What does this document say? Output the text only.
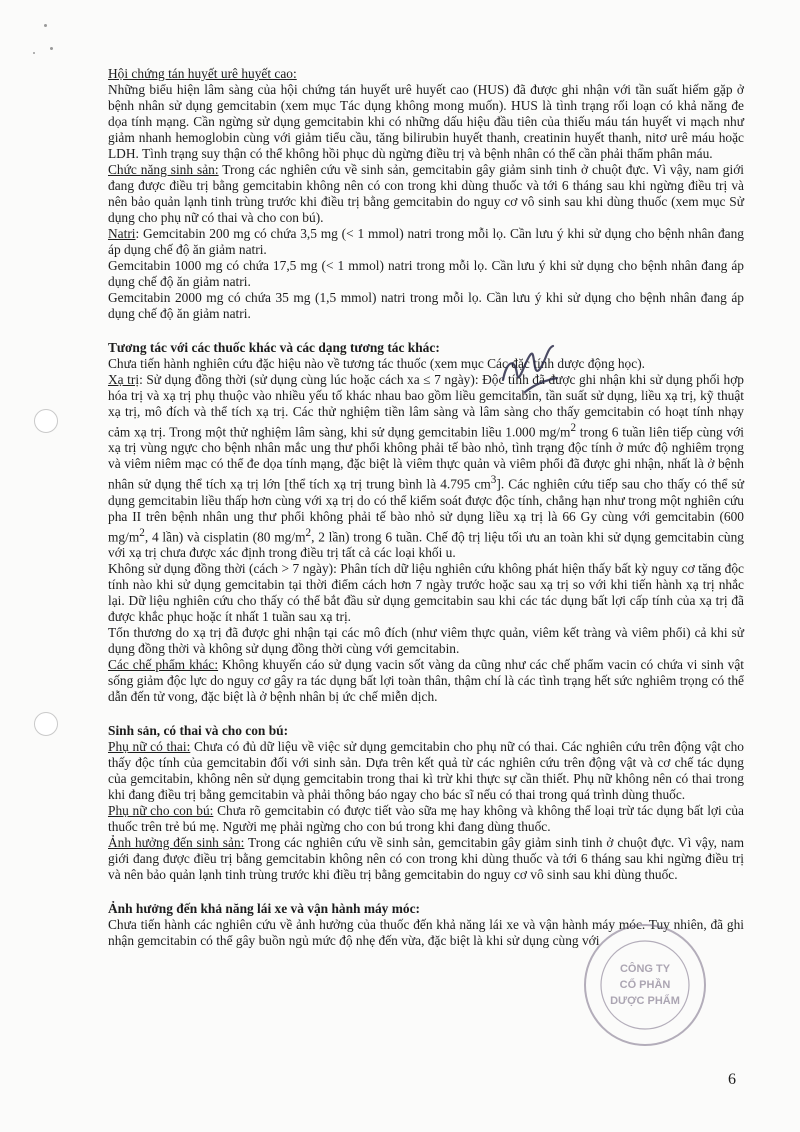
Hội chứng tán huyết urê huyết cao:

Những biểu hiện lâm sàng của hội chứng tán huyết urê huyết cao (HUS) đã được ghi nhận với tần suất hiếm gặp ở bệnh nhân sử dụng gemcitabin (xem mục Tác dụng không mong muốn). HUS là tình trạng rối loạn có khả năng đe dọa tính mạng. Cần ngừng sử dụng gemcitabin khi có những dấu hiệu đầu tiên của thiếu máu tán huyết vi mạch như giảm nhanh hemoglobin cùng với giảm tiểu cầu, tăng bilirubin huyết thanh, creatinin huyết thanh, nitơ urê máu hoặc LDH. Tình trạng suy thận có thể không hồi phục dù ngừng điều trị và bệnh nhân có thể cần phải thẩm phân máu.

Chức năng sinh sản: Trong các nghiên cứu về sinh sản, gemcitabin gây giảm sinh tinh ở chuột đực. Vì vậy, nam giới đang được điều trị bằng gemcitabin không nên có con trong khi dùng thuốc và tới 6 tháng sau khi ngừng điều trị và nên bảo quản lạnh tinh trùng trước khi điều trị bằng gemcitabin do nguy cơ vô sinh sau khi dùng thuốc (xem mục Sử dụng cho phụ nữ có thai và cho con bú).

Natri: Gemcitabin 200 mg có chứa 3,5 mg (< 1 mmol) natri trong mỗi lọ. Cần lưu ý khi sử dụng cho bệnh nhân đang áp dụng chế độ ăn giảm natri.

Gemcitabin 1000 mg có chứa 17,5 mg (< 1 mmol) natri trong mỗi lọ. Cần lưu ý khi sử dụng cho bệnh nhân đang áp dụng chế độ ăn giảm natri.

Gemcitabin 2000 mg có chứa 35 mg (1,5 mmol) natri trong mỗi lọ. Cần lưu ý khi sử dụng cho bệnh nhân đang áp dụng chế độ ăn giảm natri.

Tương tác với các thuốc khác và các dạng tương tác khác:

Chưa tiến hành nghiên cứu đặc hiệu nào về tương tác thuốc (xem mục Các đặc tính dược động học).

Xạ trị: Sử dụng đồng thời (sử dụng cùng lúc hoặc cách xa ≤ 7 ngày): Độc tính đã được ghi nhận khi sử dụng phối hợp hóa trị và xạ trị phụ thuộc vào nhiều yếu tố khác nhau bao gồm liều gemcitabin, tần suất sử dụng, liều xạ trị, kỹ thuật xạ trị, mô đích và thể tích xạ trị. Các thử nghiệm tiền lâm sàng và lâm sàng cho thấy gemcitabin có hoạt tính nhạy cảm xạ trị. Trong một thử nghiệm lâm sàng, khi sử dụng gemcitabin liều 1.000 $mg/m^2$ trong 6 tuần liên tiếp cùng với xạ trị vùng ngực cho bệnh nhân mắc ung thư phổi không phải tế bào nhỏ, tình trạng độc tính ở mức độ nghiêm trọng và viêm niêm mạc có thể đe dọa tính mạng, đặc biệt là viêm thực quản và viêm phổi đã được ghi nhận, nhất là ở bệnh nhân sử dụng thể tích xạ trị lớn [thể tích xạ trị trung bình là 4.795 $cm^3$]. Các nghiên cứu tiếp sau cho thấy có thể sử dụng gemcitabin liều thấp hơn cùng với xạ trị do có thể kiểm soát được độc tính, chẳng hạn như trong một nghiên cứu pha II trên bệnh nhân ung thư phổi không phải tế bào nhỏ sử dụng liều xạ trị là 66 Gy cùng với gemcitabin (600 $mg/m^2$, 4 lần) và cisplatin (80 $mg/m^2$, 2 lần) trong 6 tuần. Chế độ trị liệu tối ưu an toàn khi sử dụng gemcitabin cùng với xạ trị chưa được xác định trong điều trị tất cả các loại khối u.

Không sử dụng đồng thời (cách > 7 ngày): Phân tích dữ liệu nghiên cứu không phát hiện thấy bất kỳ nguy cơ tăng độc tính nào khi sử dụng gemcitabin tại thời điểm cách hơn 7 ngày trước hoặc sau xạ trị so với khi tiến hành xạ trị nhắc lại. Dữ liệu nghiên cứu cho thấy có thể bắt đầu sử dụng gemcitabin sau khi các tác dụng bất lợi cấp tính của xạ trị đã được khắc phục hoặc ít nhất 1 tuần sau xạ trị.

Tổn thương do xạ trị đã được ghi nhận tại các mô đích (như viêm thực quản, viêm kết tràng và viêm phổi) cả khi sử dụng đồng thời và không sử dụng đồng thời cùng với gemcitabin.

Các chế phẩm khác: Không khuyến cáo sử dụng vacin sốt vàng da cũng như các chế phẩm vacin có chứa vi sinh vật sống giảm độc lực do nguy cơ gây ra tác dụng bất lợi toàn thân, thậm chí là các tình trạng hết sức nghiêm trọng có thể dẫn đến tử vong, đặc biệt là ở bệnh nhân bị ức chế miễn dịch.

Sinh sản, có thai và cho con bú:

Phụ nữ có thai: Chưa có đủ dữ liệu về việc sử dụng gemcitabin cho phụ nữ có thai. Các nghiên cứu trên động vật cho thấy độc tính của gemcitabin đối với sinh sản. Dựa trên kết quả từ các nghiên cứu trên động vật và cơ chế tác dụng của gemcitabin, không nên sử dụng gemcitabin trong thai kì trừ khi thực sự cần thiết. Phụ nữ không nên có thai trong khi đang điều trị bằng gemcitabin và phải thông báo ngay cho bác sĩ nếu có thai trong quá trình dùng thuốc.

Phụ nữ cho con bú: Chưa rõ gemcitabin có được tiết vào sữa mẹ hay không và không thể loại trừ tác dụng bất lợi của thuốc trên trẻ bú mẹ. Người mẹ phải ngừng cho con bú trong khi đang dùng thuốc.

Ảnh hưởng đến sinh sản: Trong các nghiên cứu về sinh sản, gemcitabin gây giảm sinh tinh ở chuột đực. Vì vậy, nam giới đang được điều trị bằng gemcitabin không nên có con trong khi dùng thuốc và tới 6 tháng sau khi ngừng điều trị và nên bảo quản lạnh tinh trùng trước khi điều trị bằng gemcitabin do nguy cơ vô sinh sau khi dùng thuốc.

Ảnh hưởng đến khả năng lái xe và vận hành máy móc:

Chưa tiến hành các nghiên cứu về ảnh hưởng của thuốc đến khả năng lái xe và vận hành máy móc. Tuy nhiên, đã ghi nhận gemcitabin có thể gây buồn ngủ mức độ nhẹ đến vừa, đặc biệt là khi sử dụng cùng với

CÔNG TY
CỔ PHẦN
DƯỢC PHẨM
6
